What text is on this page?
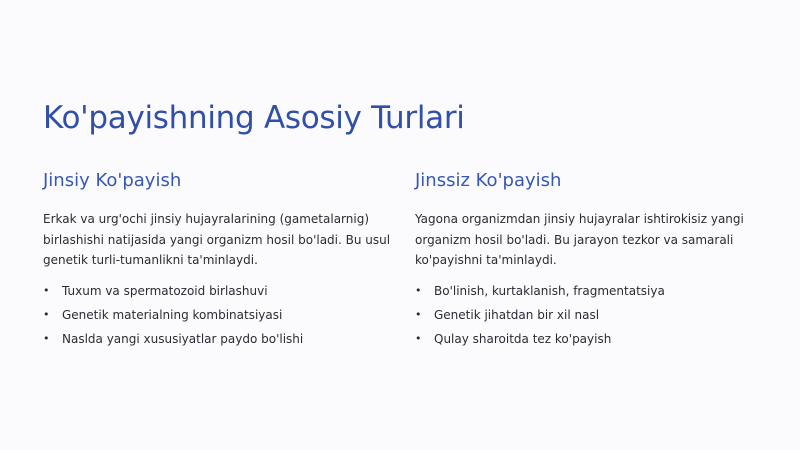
Ko'payishning Asosiy Turlari
Jinsiy Ko'payish

Erkak va urg'ochi jinsiy hujayralarining (gametalarnig) birlashishi natijasida yangi organizm hosil bo'ladi. Bu usul genetik turli-tumanlikni ta'minlaydi.

• Tuxum va spermatozoid birlashuvi
• Genetik materialning kombinatsiyasi
• Naslda yangi xususiyatlar paydo bo'lishi
Jinssiz Ko'payish

Yagona organizmdan jinsiy hujayralar ishtirokisiz yangi organizm hosil bo'ladi. Bu jarayon tezkor va samarali ko'payishni ta'minlaydi.

• Bo'linish, kurtaklanish, fragmentatsiya
• Genetik jihatdan bir xil nasl
• Qulay sharoitda tez ko'payish
